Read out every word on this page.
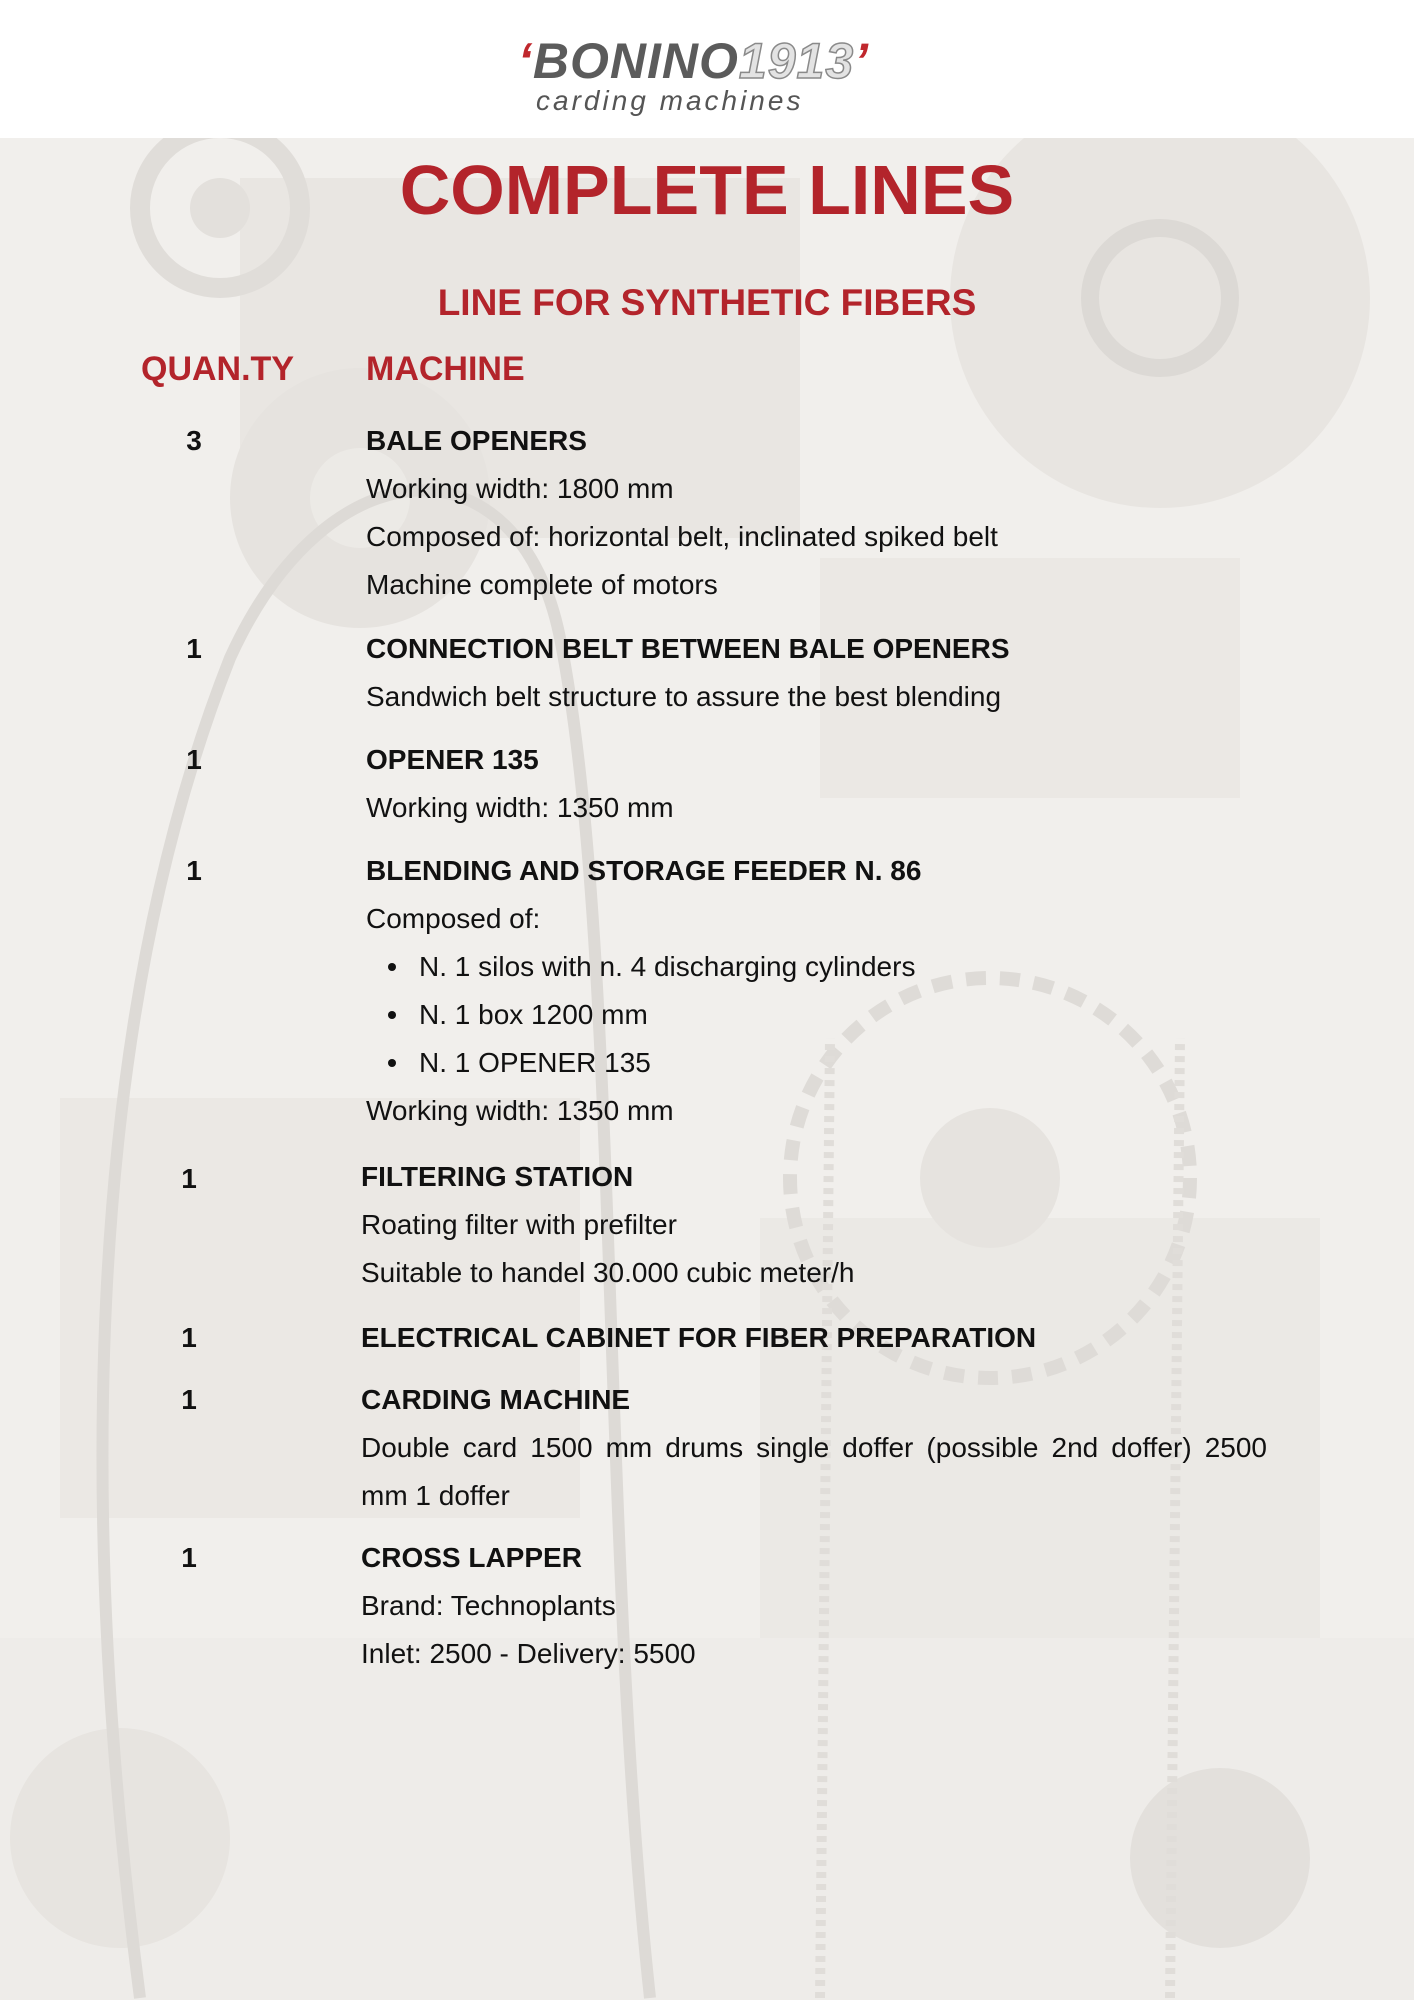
‘BONINO1913’
carding machines
COMPLETE LINES
LINE FOR SYNTHETIC FIBERS
QUAN.TY MACHINE
3	BALE OPENERS
Working width: 1800 mm
Composed of: horizontal belt, inclinated spiked belt
Machine complete of motors
1	CONNECTION BELT BETWEEN BALE OPENERS
Sandwich belt structure to assure the best blending
1	OPENER 135
Working width: 1350 mm
1	BLENDING AND STORAGE FEEDER N. 86
Composed of:
N. 1 silos with n. 4 discharging cylinders
N. 1 box 1200 mm
N. 1 OPENER 135
Working width: 1350 mm
1	FILTERING STATION
Roating filter with prefilter
Suitable to handel 30.000 cubic meter/h
1	ELECTRICAL CABINET FOR FIBER PREPARATION
1	CARDING MACHINE
Double card 1500 mm drums single doffer (possible 2nd doffer) 2500 mm 1 doffer
1	CROSS LAPPER
Brand: Technoplants
Inlet: 2500 - Delivery: 5500
